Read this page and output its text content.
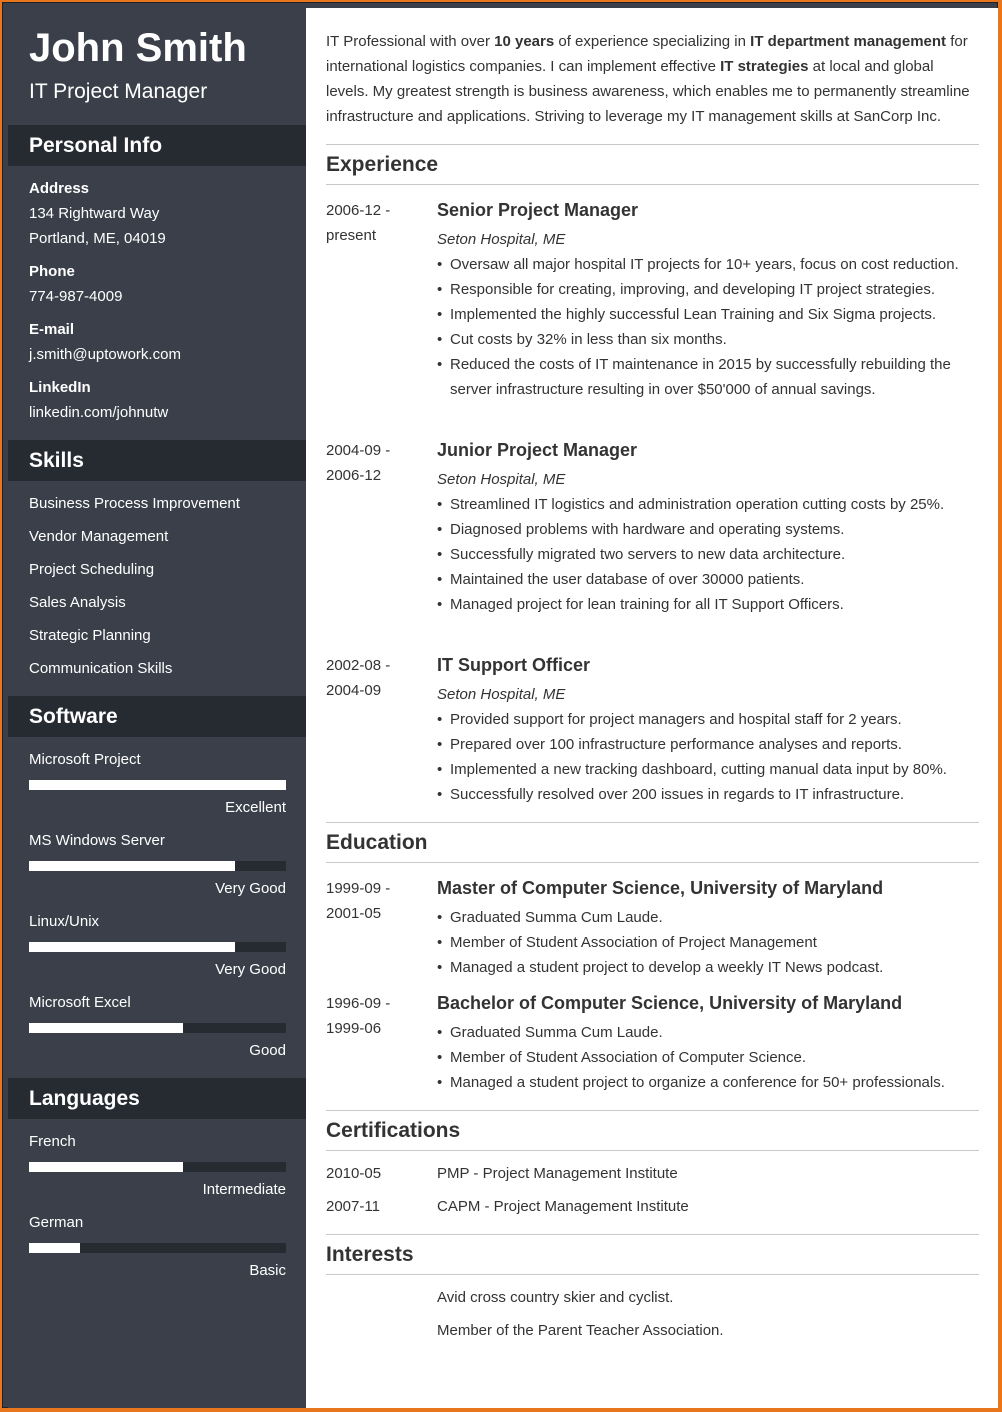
John Smith
IT Project Manager
Personal Info
Address
134 Rightward Way
Portland, ME, 04019
Phone
774-987-4009
E-mail
j.smith@uptowork.com
LinkedIn
linkedin.com/johnutw
Skills
Business Process Improvement
Vendor Management
Project Scheduling
Sales Analysis
Strategic Planning
Communication Skills
Software
Microsoft Project
Excellent
MS Windows Server
Very Good
Linux/Unix
Very Good
Microsoft Excel
Good
Languages
French
Intermediate
German
Basic
IT Professional with over 10 years of experience specializing in IT department management for international logistics companies. I can implement effective IT strategies at local and global levels. My greatest strength is business awareness, which enables me to permanently streamline infrastructure and applications. Striving to leverage my IT management skills at SanCorp Inc.
Experience
2006-12 -
present
Senior Project Manager
Seton Hospital, ME
• Oversaw all major hospital IT projects for 10+ years, focus on cost reduction.
• Responsible for creating, improving, and developing IT project strategies.
• Implemented the highly successful Lean Training and Six Sigma projects.
• Cut costs by 32% in less than six months.
• Reduced the costs of IT maintenance in 2015 by successfully rebuilding the server infrastructure resulting in over $50'000 of annual savings.
2004-09 -
2006-12
Junior Project Manager
Seton Hospital, ME
• Streamlined IT logistics and administration operation cutting costs by 25%.
• Diagnosed problems with hardware and operating systems.
• Successfully migrated two servers to new data architecture.
• Maintained the user database of over 30000 patients.
• Managed project for lean training for all IT Support Officers.
2002-08 -
2004-09
IT Support Officer
Seton Hospital, ME
• Provided support for project managers and hospital staff for 2 years.
• Prepared over 100 infrastructure performance analyses and reports.
• Implemented a new tracking dashboard, cutting manual data input by 80%.
• Successfully resolved over 200 issues in regards to IT infrastructure.
Education
1999-09 -
2001-05
Master of Computer Science, University of Maryland
• Graduated Summa Cum Laude.
• Member of Student Association of Project Management
• Managed a student project to develop a weekly IT News podcast.
1996-09 -
1999-06
Bachelor of Computer Science, University of Maryland
• Graduated Summa Cum Laude.
• Member of Student Association of Computer Science.
• Managed a student project to organize a conference for 50+ professionals.
Certifications
2010-05	PMP - Project Management Institute
2007-11	CAPM - Project Management Institute
Interests
Avid cross country skier and cyclist.
Member of the Parent Teacher Association.
